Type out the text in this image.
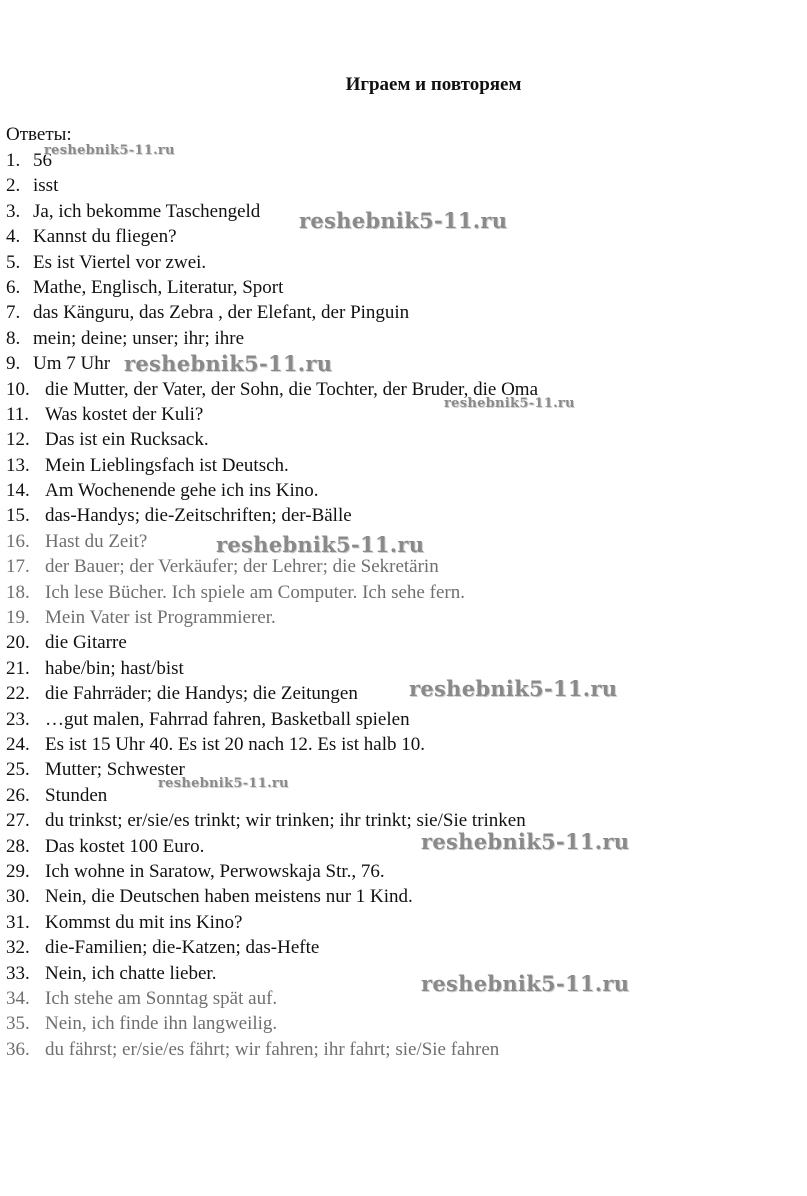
Играем и повторяем
Ответы:
1. 56
2. isst
3. Ja, ich bekomme Taschengeld
4. Kannst du fliegen?
5. Es ist Viertel vor zwei.
6. Mathe, Englisch, Literatur, Sport
7. das Känguru, das Zebra , der Elefant, der Pinguin
8. mein; deine; unser; ihr; ihre
9. Um 7 Uhr
10. die Mutter, der Vater, der Sohn, die Tochter, der Bruder, die Oma
11. Was kostet der Kuli?
12. Das ist ein Rucksack.
13. Mein Lieblingsfach ist Deutsch.
14. Am Wochenende gehe ich ins Kino.
15. das-Handys; die-Zeitschriften; der-Bälle
16. Hast du Zeit?
17. der Bauer; der Verkäufer; der Lehrer; die Sekretärin
18. Ich lese Bücher. Ich spiele am Computer. Ich sehe fern.
19. Mein Vater ist Programmierer.
20. die Gitarre
21. habe/bin; hast/bist
22. die Fahrräder; die Handys; die Zeitungen
23. …gut malen, Fahrrad fahren, Basketball spielen
24. Es ist 15 Uhr 40. Es ist 20 nach 12. Es ist halb 10.
25. Mutter; Schwester
26. Stunden
27. du trinkst; er/sie/es trinkt; wir trinken; ihr trinkt; sie/Sie trinken
28. Das kostet 100 Euro.
29. Ich wohne in Saratow, Perwowskaja Str., 76.
30. Nein, die Deutschen haben meistens nur 1 Kind.
31. Kommst du mit ins Kino?
32. die-Familien; die-Katzen; das-Hefte
33. Nein, ich chatte lieber.
34. Ich stehe am Sonntag spät auf.
35. Nein, ich finde ihn langweilig.
36. du fährst; er/sie/es fährt; wir fahren; ihr fahrt; sie/Sie fahren
reshebnik5-11.ru
reshebnik5-11.ru
reshebnik5-11.ru
reshebnik5-11.ru
reshebnik5-11.ru
reshebnik5-11.ru
reshebnik5-11.ru
reshebnik5-11.ru
reshebnik5-11.ru
